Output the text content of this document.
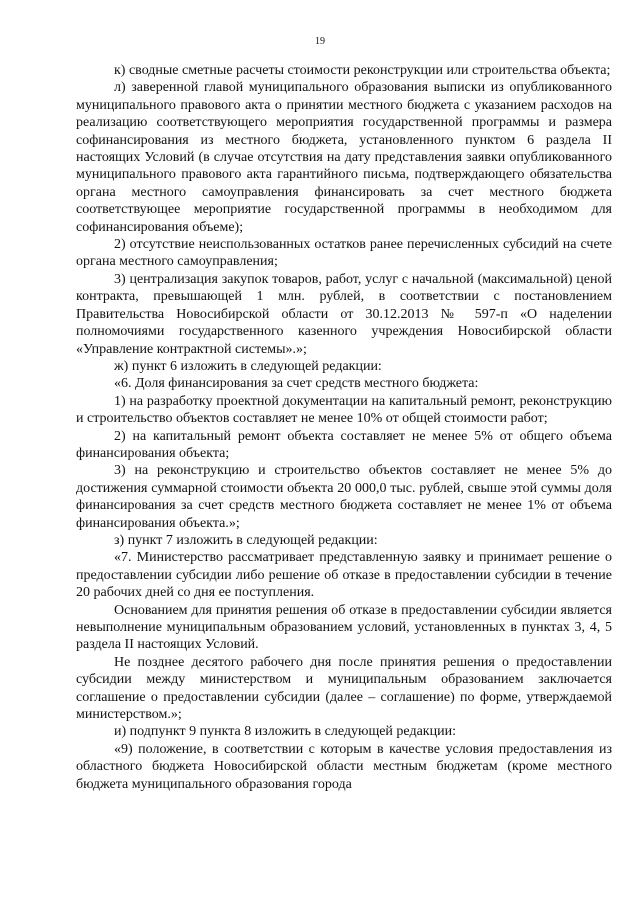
19

к) сводные сметные расчеты стоимости реконструкции или строительства объекта;

л) заверенной главой муниципального образования выписки из опубликованного муниципального правового акта о принятии местного бюджета с указанием расходов на реализацию соответствующего мероприятия государственной программы и размера софинансирования из местного бюджета, установленного пунктом 6 раздела II настоящих Условий (в случае отсутствия на дату представления заявки опубликованного муниципального правового акта гарантийного письма, подтверждающего обязательства органа местного самоуправления финансировать за счет местного бюджета соответствующее мероприятие государственной программы в необходимом для софинансирования объеме);

2) отсутствие неиспользованных остатков ранее перечисленных субсидий на счете органа местного самоуправления;

3) централизация закупок товаров, работ, услуг с начальной (максимальной) ценой контракта, превышающей 1 млн. рублей, в соответствии с постановлением Правительства Новосибирской области от 30.12.2013 № 597-п «О наделении полномочиями государственного казенного учреждения Новосибирской области «Управление контрактной системы».»;

ж) пункт 6 изложить в следующей редакции:

«6. Доля финансирования за счет средств местного бюджета:

1) на разработку проектной документации на капитальный ремонт, реконструкцию и строительство объектов составляет не менее 10% от общей стоимости работ;

2) на капитальный ремонт объекта составляет не менее 5% от общего объема финансирования объекта;

3) на реконструкцию и строительство объектов составляет не менее 5% до достижения суммарной стоимости объекта 20 000,0 тыс. рублей, свыше этой суммы доля финансирования за счет средств местного бюджета составляет не менее 1% от объема финансирования объекта.»;

з) пункт 7 изложить в следующей редакции:

«7. Министерство рассматривает представленную заявку и принимает решение о предоставлении субсидии либо решение об отказе в предоставлении субсидии в течение 20 рабочих дней со дня ее поступления.

Основанием для принятия решения об отказе в предоставлении субсидии является невыполнение муниципальным образованием условий, установленных в пунктах 3, 4, 5 раздела II настоящих Условий.

Не позднее десятого рабочего дня после принятия решения о предоставлении субсидии между министерством и муниципальным образованием заключается соглашение о предоставлении субсидии (далее – соглашение) по форме, утверждаемой министерством.»;

и) подпункт 9 пункта 8 изложить в следующей редакции:

«9) положение, в соответствии с которым в качестве условия предоставления из областного бюджета Новосибирской области местным бюджетам (кроме местного бюджета муниципального образования города
